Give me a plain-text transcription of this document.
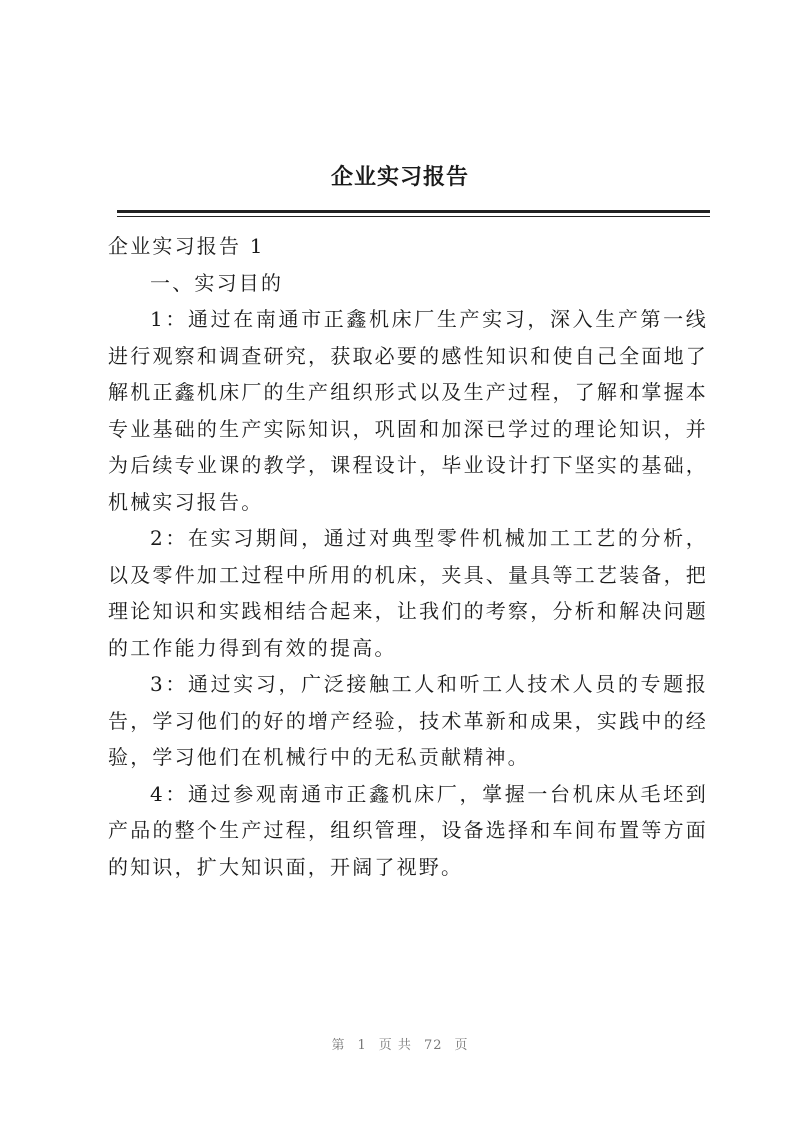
企业实习报告

企业实习报告 1

一、实习目的

1：通过在南通市正鑫机床厂生产实习，深入生产第一线进行观察和调查研究，获取必要的感性知识和使自己全面地了解机正鑫机床厂的生产组织形式以及生产过程，了解和掌握本专业基础的生产实际知识，巩固和加深已学过的理论知识，并为后续专业课的教学，课程设计，毕业设计打下坚实的基础，机械实习报告。

2：在实习期间，通过对典型零件机械加工工艺的分析，以及零件加工过程中所用的机床，夹具、量具等工艺装备，把理论知识和实践相结合起来，让我们的考察，分析和解决问题的工作能力得到有效的提高。

3：通过实习，广泛接触工人和听工人技术人员的专题报告，学习他们的好的增产经验，技术革新和成果，实践中的经验，学习他们在机械行中的无私贡献精神。

4：通过参观南通市正鑫机床厂，掌握一台机床从毛坯到产品的整个生产过程，组织管理，设备选择和车间布置等方面的知识，扩大知识面，开阔了视野。

第 1 页 共 72 页
